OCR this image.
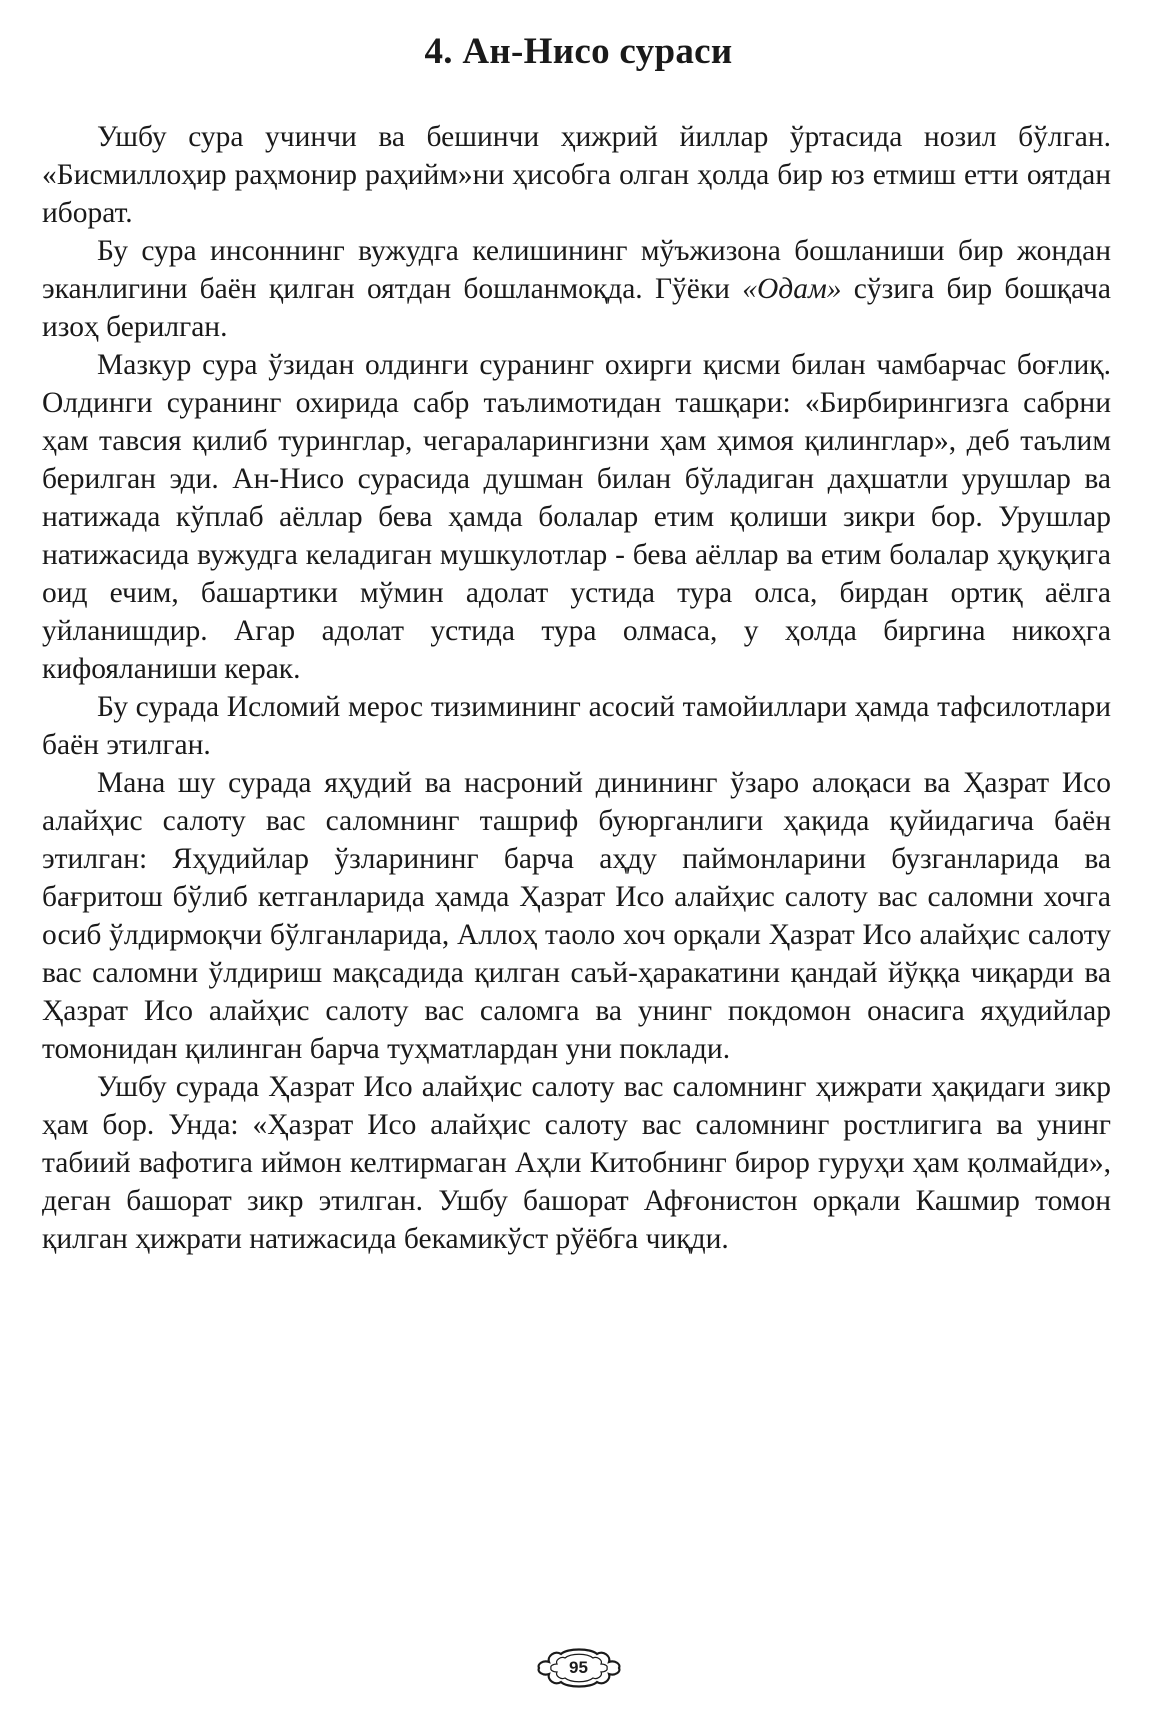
4. Ан-Нисо сураси

Ушбу сура учинчи ва бешинчи ҳижрий йиллар ўртасида нозил бўлган. «Бисмиллоҳир раҳмонир раҳийм»ни ҳисобга олган ҳолда бир юз етмиш етти оятдан иборат.

Бу сура инсоннинг вужудга келишининг мўъжизона бошланиши бир жондан эканлигини баён қилган оятдан бошланмоқда. Гўёки «Одам» сўзига бир бошқача изоҳ берилган.

Мазкур сура ўзидан олдинги суранинг охирги қисми билан чамбарчас боғлиқ. Олдинги суранинг охирида сабр таълимотидан ташқари: «Бирбирингизга сабрни ҳам тавсия қилиб туринглар, чегараларингизни ҳам ҳимоя қилинглар», деб таълим берилган эди. Ан-Нисо сурасида душман билан бўладиган даҳшатли урушлар ва натижада кўплаб аёллар бева ҳамда болалар етим қолиши зикри бор. Урушлар натижасида вужудга келадиган мушкулотлар - бева аёллар ва етим болалар ҳуқуқига оид ечим, башартики мўмин адолат устида тура олса, бирдан ортиқ аёлга уйланишдир. Агар адолат устида тура олмаса, у ҳолда биргина никоҳга кифояланиши керак.

Бу сурада Исломий мерос тизимининг асосий тамойиллари ҳамда тафсилотлари баён этилган.

Мана шу сурада яҳудий ва насроний динининг ўзаро алоқаси ва Ҳазрат Исо алайҳис салоту вас саломнинг ташриф буюрганлиги ҳақида қуйидагича баён этилган: Яҳудийлар ўзларининг барча аҳду паймонларини бузганларида ва бағритош бўлиб кетганларида ҳамда Ҳазрат Исо алайҳис салоту вас саломни хочга осиб ўлдирмоқчи бўлганларида, Аллоҳ таоло хоч орқали Ҳазрат Исо алайҳис салоту вас саломни ўлдириш мақсадида қилган саъй-ҳаракатини қандай йўққа чиқарди ва Ҳазрат Исо алайҳис салоту вас саломга ва унинг покдомон онасига яҳудийлар томонидан қилинган барча туҳматлардан уни поклади.

Ушбу сурада Ҳазрат Исо алайҳис салоту вас саломнинг ҳижрати ҳақидаги зикр ҳам бор. Унда: «Ҳазрат Исо алайҳис салоту вас саломнинг ростлигига ва унинг табиий вафотига иймон келтирмаган Аҳли Китобнинг бирор гуруҳи ҳам қолмайди», деган башорат зикр этилган. Ушбу башорат Афғонистон орқали Кашмир томон қилган ҳижрати натижасида бекамикўст рўёбга чиқди.

95
